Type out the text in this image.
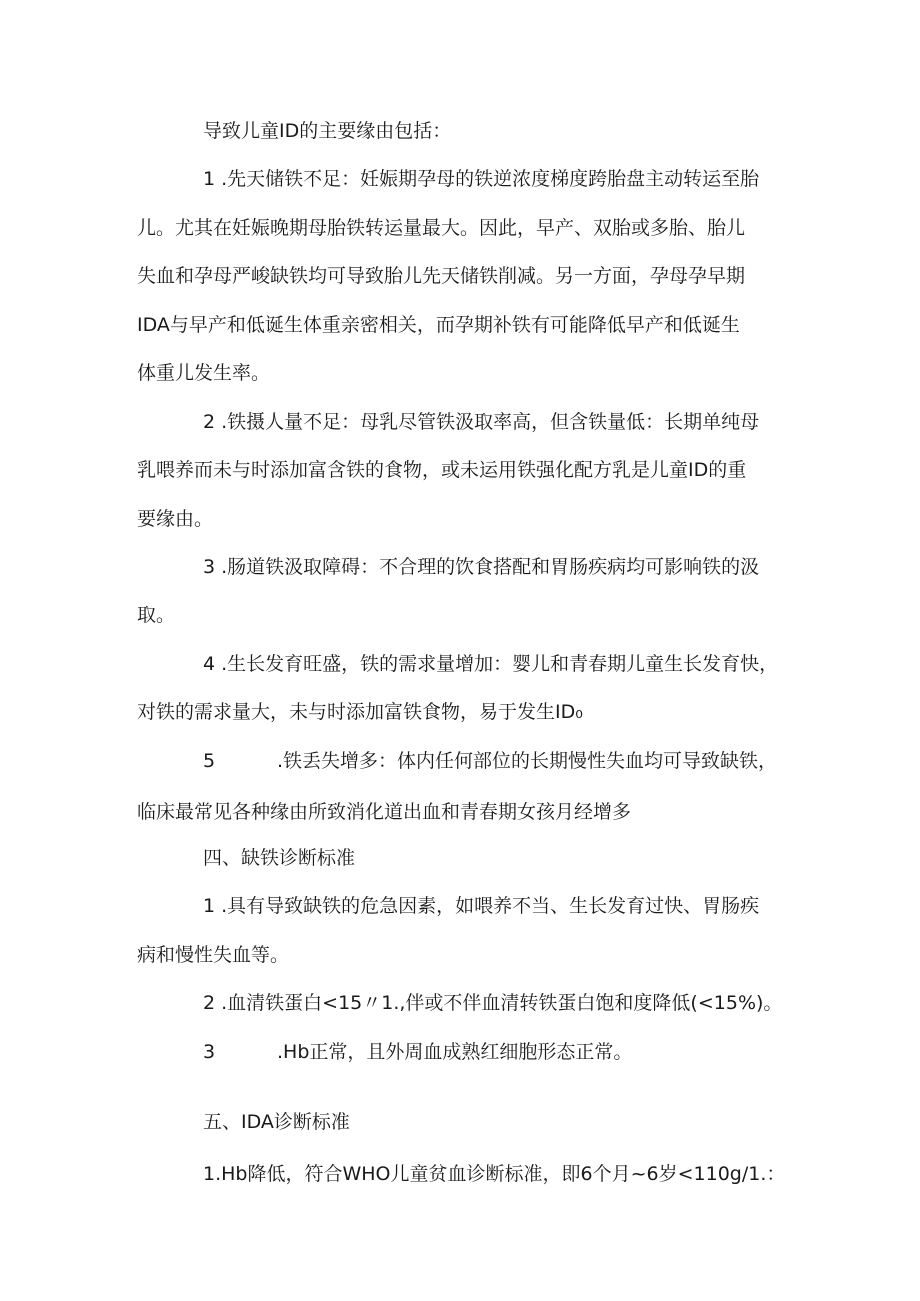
导致儿童ID的主要缘由包括：
1 .先天储铁不足：妊娠期孕母的铁逆浓度梯度跨胎盘主动转运至胎
儿。尤其在妊娠晚期母胎铁转运量最大。因此，早产、双胎或多胎、胎儿
失血和孕母严峻缺铁均可导致胎儿先天储铁削减。另一方面，孕母孕早期
IDA与早产和低诞生体重亲密相关，而孕期补铁有可能降低早产和低诞生
体重儿发生率。
2 .铁摄人量不足：母乳尽管铁汲取率高，但含铁量低：长期单纯母
乳喂养而未与时添加富含铁的食物，或未运用铁强化配方乳是儿童ID的重
要缘由。
3 .肠道铁汲取障碍：不合理的饮食搭配和胃肠疾病均可影响铁的汲
取。
4 .生长发育旺盛，铁的需求量增加：婴儿和青春期儿童生长发育快，
对铁的需求量大，未与时添加富铁食物，易于发生ID₀
5	.铁丢失增多：体内任何部位的长期慢性失血均可导致缺铁，
临床最常见各种缘由所致消化道出血和青春期女孩月经增多
四、缺铁诊断标准
1 .具有导致缺铁的危急因素，如喂养不当、生长发育过快、胃肠疾
病和慢性失血等。
2 .血清铁蛋白<15〃1.,伴或不伴血清转铁蛋白饱和度降低(<15%)。
3	.Hb正常，且外周血成熟红细胞形态正常。
五、IDA诊断标准
1.Hb降低，符合WHO儿童贫血诊断标准，即6个月~6岁<110g/1.：
